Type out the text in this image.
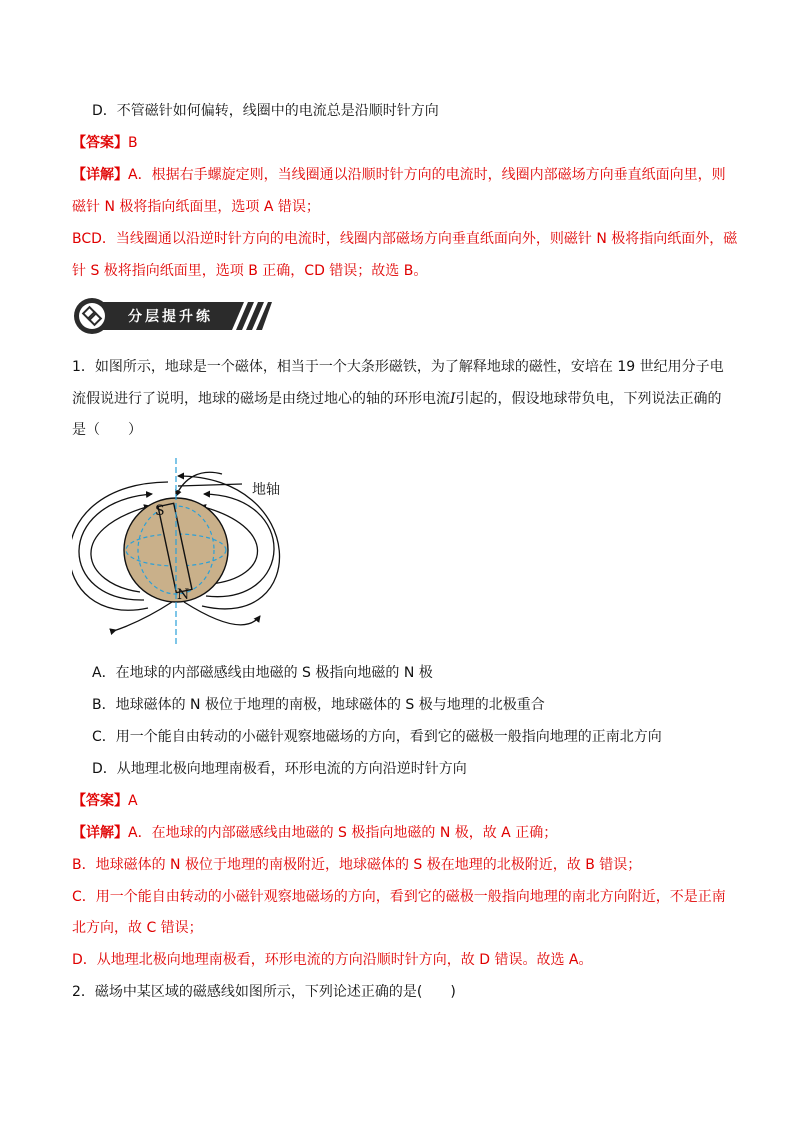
D．不管磁针如何偏转，线圈中的电流总是沿顺时针方向
【答案】B
【详解】A．根据右手螺旋定则，当线圈通以沿顺时针方向的电流时，线圈内部磁场方向垂直纸面向里，则
磁针 N 极将指向纸面里，选项 A 错误；
BCD．当线圈通以沿逆时针方向的电流时，线圈内部磁场方向垂直纸面向外，则磁针 N 极将指向纸面外，磁
针 S 极将指向纸面里，选项 B 正确，CD 错误；故选 B。
分层提升练
1．如图所示，地球是一个磁体，相当于一个大条形磁铁，为了解释地球的磁性，安培在 19 世纪用分子电
流假说进行了说明，地球的磁场是由绕过地心的轴的环形电流I引起的，假设地球带负电，下列说法正确的
是（　　）
地轴
S
N
A．在地球的内部磁感线由地磁的 S 极指向地磁的 N 极
B．地球磁体的 N 极位于地理的南极，地球磁体的 S 极与地理的北极重合
C．用一个能自由转动的小磁针观察地磁场的方向，看到它的磁极一般指向地理的正南北方向
D．从地理北极向地理南极看，环形电流的方向沿逆时针方向
【答案】A
【详解】A．在地球的内部磁感线由地磁的 S 极指向地磁的 N 极，故 A 正确；
B．地球磁体的 N 极位于地理的南极附近，地球磁体的 S 极在地理的北极附近，故 B 错误；
C．用一个能自由转动的小磁针观察地磁场的方向，看到它的磁极一般指向地理的南北方向附近，不是正南
北方向，故 C 错误；
D．从地理北极向地理南极看，环形电流的方向沿顺时针方向，故 D 错误。故选 A。
2．磁场中某区域的磁感线如图所示，下列论述正确的是(　　)
